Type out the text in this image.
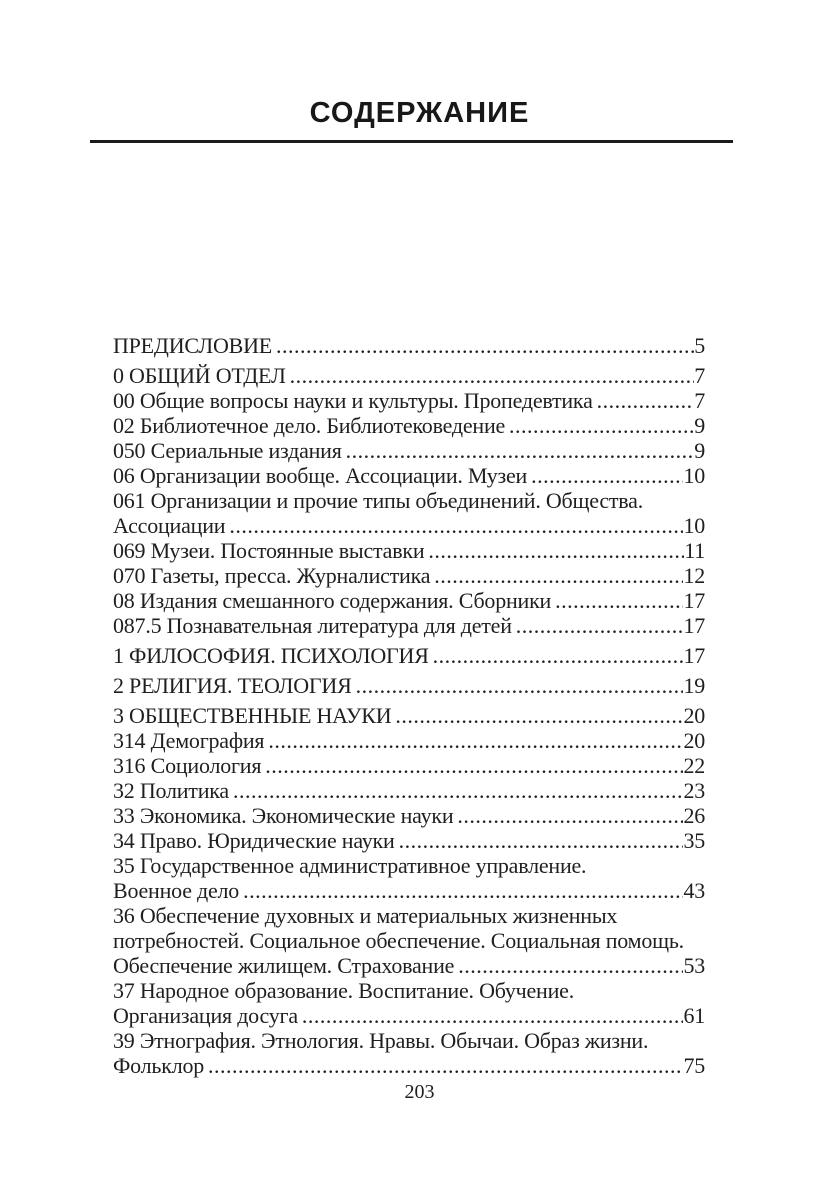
СОДЕРЖАНИЕ
ПРЕДИСЛОВИЕ .....	5
0 ОБЩИЙ ОТДЕЛ .....	7
00 Общие вопросы науки и культуры. Пропедевтика .....	7
02 Библиотечное дело. Библиотековедение .....	9
050 Сериальные издания .....	9
06 Организации вообще. Ассоциации. Музеи .....	10
061 Организации и прочие типы объединений. Общества.
Ассоциации .....	10
069 Музеи. Постоянные выставки .....	11
070 Газеты, пресса. Журналистика .....	12
08 Издания смешанного содержания. Сборники .....	17
087.5 Познавательная литература для детей .....	17
1 ФИЛОСОФИЯ. ПСИХОЛОГИЯ .....	17
2 РЕЛИГИЯ. ТЕОЛОГИЯ .....	19
3 ОБЩЕСТВЕННЫЕ НАУКИ .....	20
314 Демография .....	20
316 Социология .....	22
32 Политика .....	23
33 Экономика. Экономические науки .....	26
34 Право. Юридические науки .....	35
35 Государственное административное управление.
Военное дело .....	43
36 Обеспечение духовных и материальных жизненных
потребностей. Социальное обеспечение. Социальная помощь.
Обеспечение жилищем. Страхование .....	53
37 Народное образование. Воспитание. Обучение.
Организация досуга .....	61
39 Этнография. Этнология. Нравы. Обычаи. Образ жизни.
Фольклор .....	75
203
